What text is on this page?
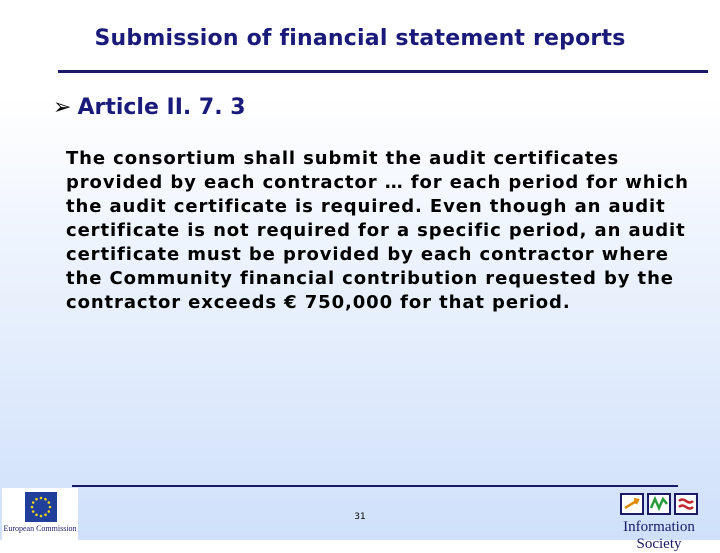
Submission of financial statement reports
➢ Article II. 7. 3

The consortium shall submit the audit certificates provided by each contractor … for each period for which the audit certificate is required. Even though an audit certificate is not required for a specific period, an audit certificate must be provided by each contractor where the Community financial contribution requested by the contractor exceeds € 750,000 for that period.

European Commission
31
Information Society
